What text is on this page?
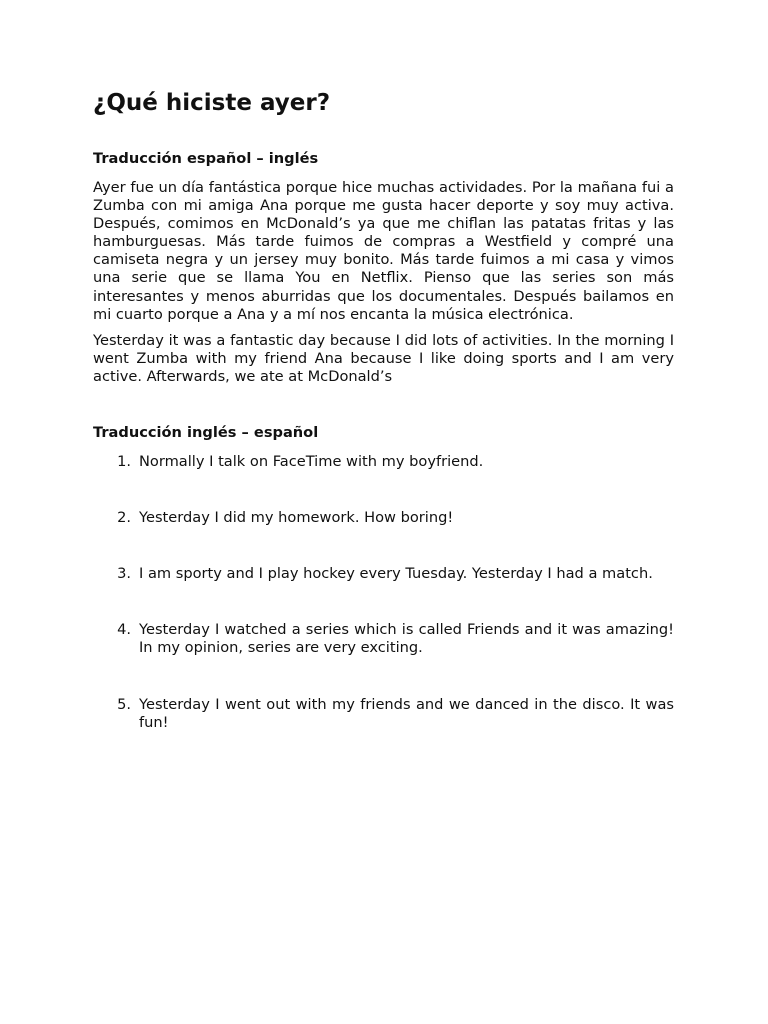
¿Qué hiciste ayer?
Traducción español – inglés

Ayer fue un día fantástica porque hice muchas actividades. Por la mañana fui a Zumba con mi amiga Ana porque me gusta hacer deporte y soy muy activa. Después, comimos en McDonald’s ya que me chiflan las patatas fritas y las hamburguesas. Más tarde fuimos de compras a Westfield y compré una camiseta negra y un jersey muy bonito. Más tarde fuimos a mi casa y vimos una serie que se llama You en Netflix. Pienso que las series son más interesantes y menos aburridas que los documentales. Después bailamos en mi cuarto porque a Ana y a mí nos encanta la música electrónica.

Yesterday it was a fantastic day because I did lots of activities. In the morning I went Zumba with my friend Ana because I like doing sports and I am very active. Afterwards, we ate at McDonald’s

Traducción inglés – español
1. Normally I talk on FaceTime with my boyfriend.
2. Yesterday I did my homework. How boring!
3. I am sporty and I play hockey every Tuesday. Yesterday I had a match.
4. Yesterday I watched a series which is called Friends and it was amazing! In my opinion, series are very exciting.
5. Yesterday I went out with my friends and we danced in the disco. It was fun!
